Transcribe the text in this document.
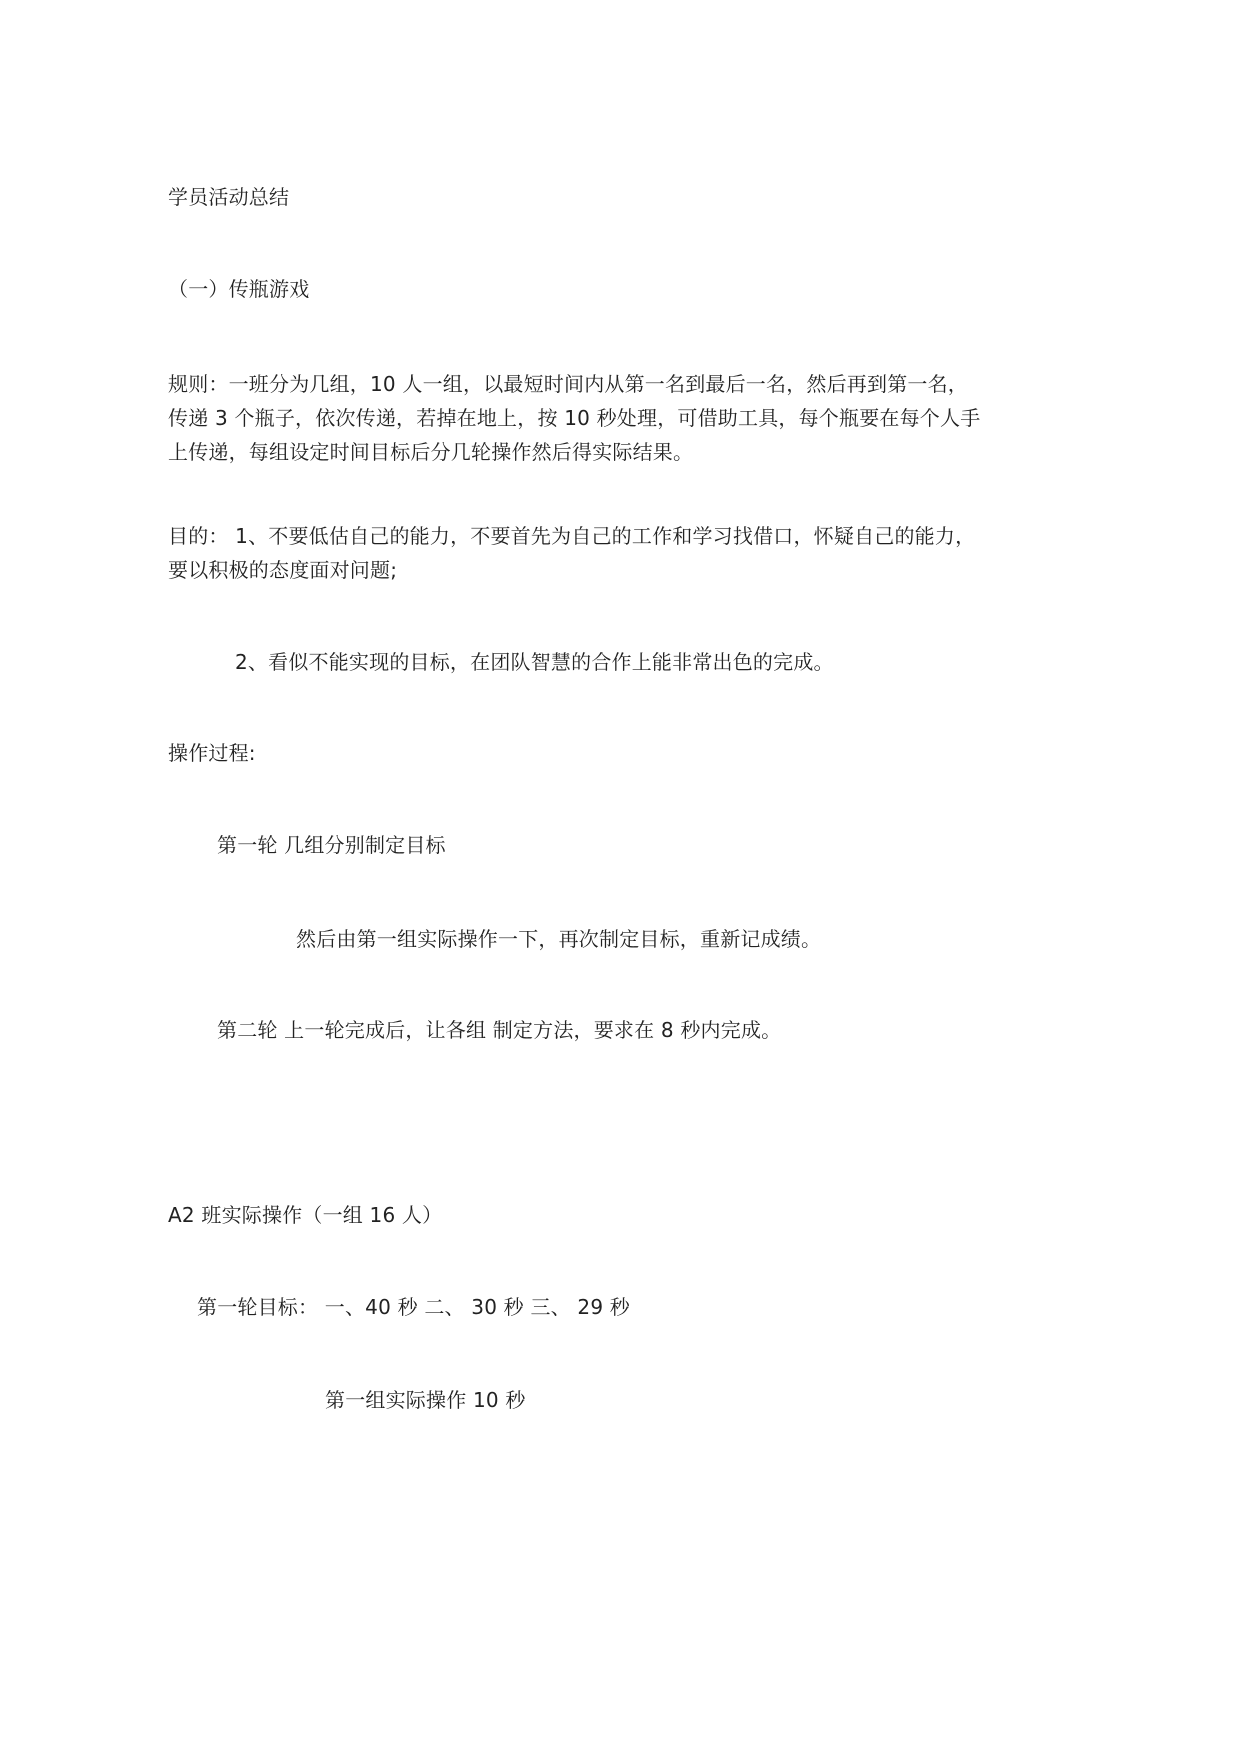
学员活动总结
（一）传瓶游戏
规则：一班分为几组，10 人一组，以最短时间内从第一名到最后一名，然后再到第一名，
传递 3 个瓶子，依次传递，若掉在地上，按 10 秒处理，可借助工具，每个瓶要在每个人手
上传递，每组设定时间目标后分几轮操作然后得实际结果。
目的： 1、不要低估自己的能力，不要首先为自己的工作和学习找借口，怀疑自己的能力，
要以积极的态度面对问题;
2、看似不能实现的目标，在团队智慧的合作上能非常出色的完成。
操作过程:
第一轮 几组分别制定目标
然后由第一组实际操作一下，再次制定目标，重新记成绩。
第二轮 上一轮完成后，让各组 制定方法，要求在 8 秒内完成。
A2 班实际操作（一组 16 人）
第一轮目标： 一、40 秒 二、 30 秒 三、 29 秒
第一组实际操作 10 秒
